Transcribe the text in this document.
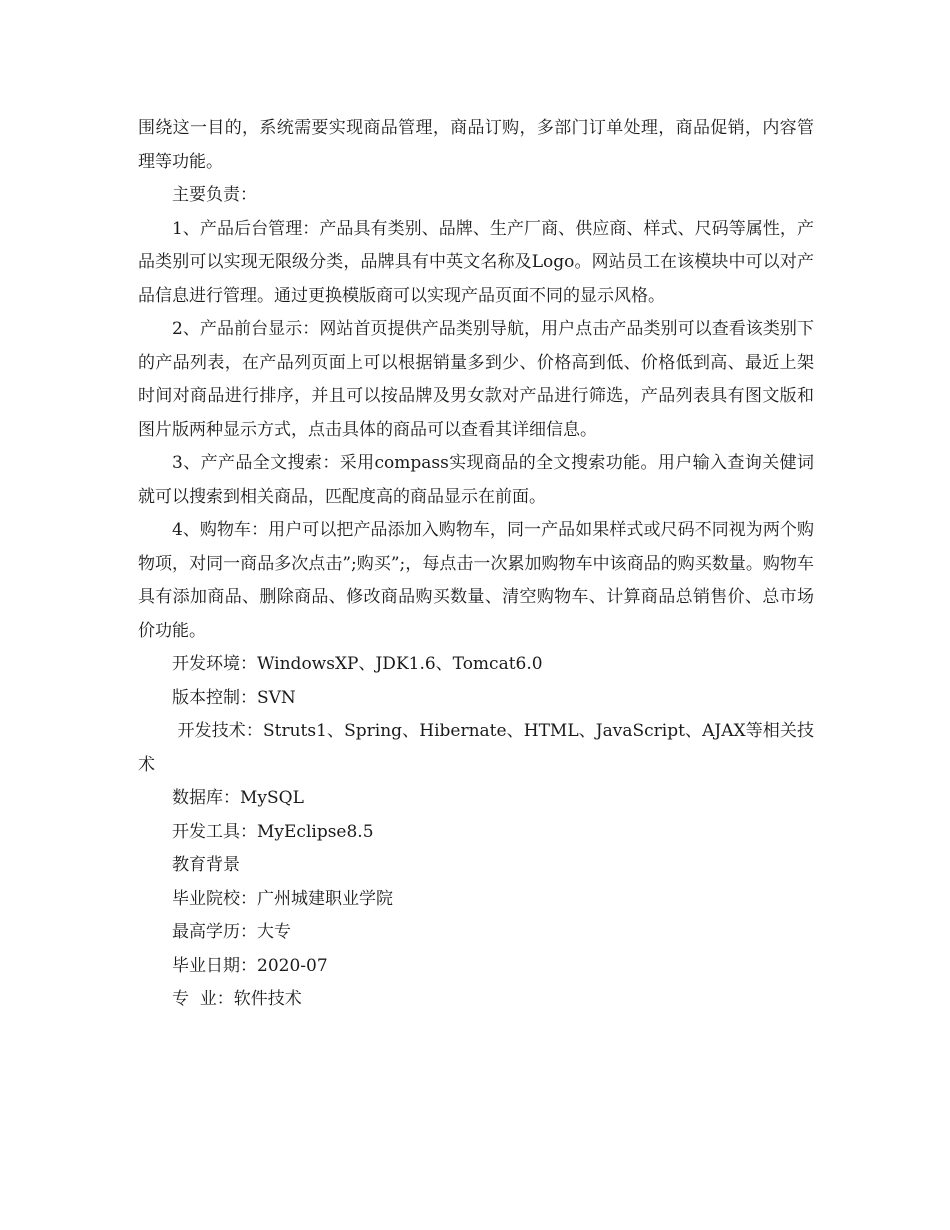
围绕这一目的，系统需要实现商品管理，商品订购，多部门订单处理，商品促销，内容管理等功能。

主要负责：

1、产品后台管理：产品具有类别、品牌、生产厂商、供应商、样式、尺码等属性，产品类别可以实现无限级分类，品牌具有中英文名称及Logo。网站员工在该模块中可以对产品信息进行管理。通过更换模版商可以实现产品页面不同的显示风格。

2、产品前台显示：网站首页提供产品类别导航，用户点击产品类别可以查看该类别下的产品列表，在产品列页面上可以根据销量多到少、价格高到低、价格低到高、最近上架时间对商品进行排序，并且可以按品牌及男女款对产品进行筛选，产品列表具有图文版和图片版两种显示方式，点击具体的商品可以查看其详细信息。

3、产产品全文搜索：采用compass实现商品的全文搜索功能。用户输入查询关健词就可以搜索到相关商品，匹配度高的商品显示在前面。

4、购物车：用户可以把产品添加入购物车，同一产品如果样式或尺码不同视为两个购物项，对同一商品多次点击”;购买”;，每点击一次累加购物车中该商品的购买数量。购物车具有添加商品、删除商品、修改商品购买数量、清空购物车、计算商品总销售价、总市场价功能。

开发环境：WindowsXP、JDK1.6、Tomcat6.0

版本控制：SVN

开发技术：Struts1、Spring、Hibernate、HTML、JavaScript、AJAX等相关技术

数据库：MySQL

开发工具：MyEclipse8.5

教育背景

毕业院校：广州城建职业学院

最高学历：大专

毕业日期：2020-07

专  业：软件技术
